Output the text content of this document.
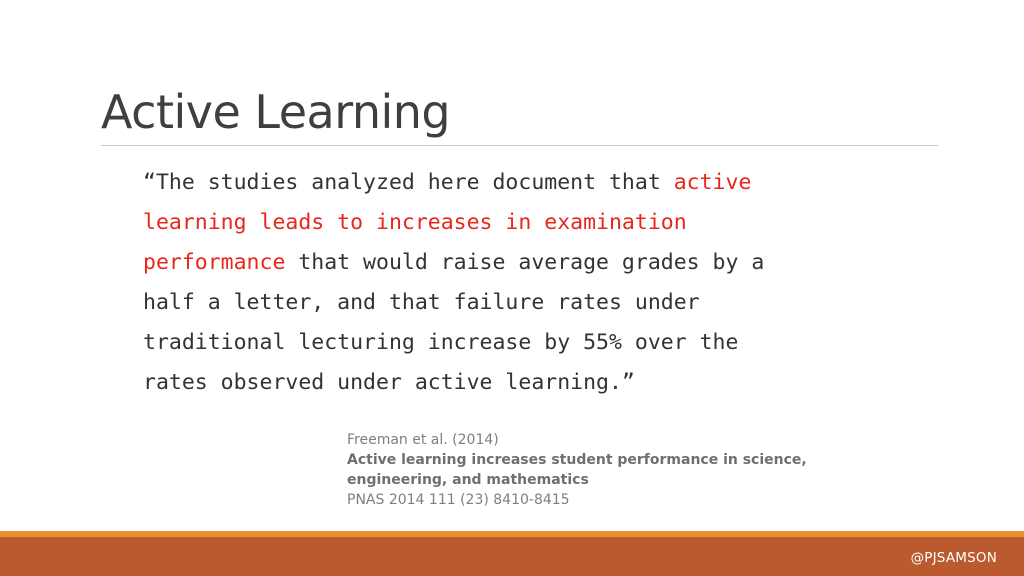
Active Learning
“The studies analyzed here document that active
learning leads to increases in examination
performance that would raise average grades by a
half a letter, and that failure rates under
traditional lecturing increase by 55% over the
rates observed under active learning.”
Freeman et al. (2014)
Active learning increases student performance in science,
engineering, and mathematics
PNAS 2014 111 (23) 8410-8415
@PJSAMSON
